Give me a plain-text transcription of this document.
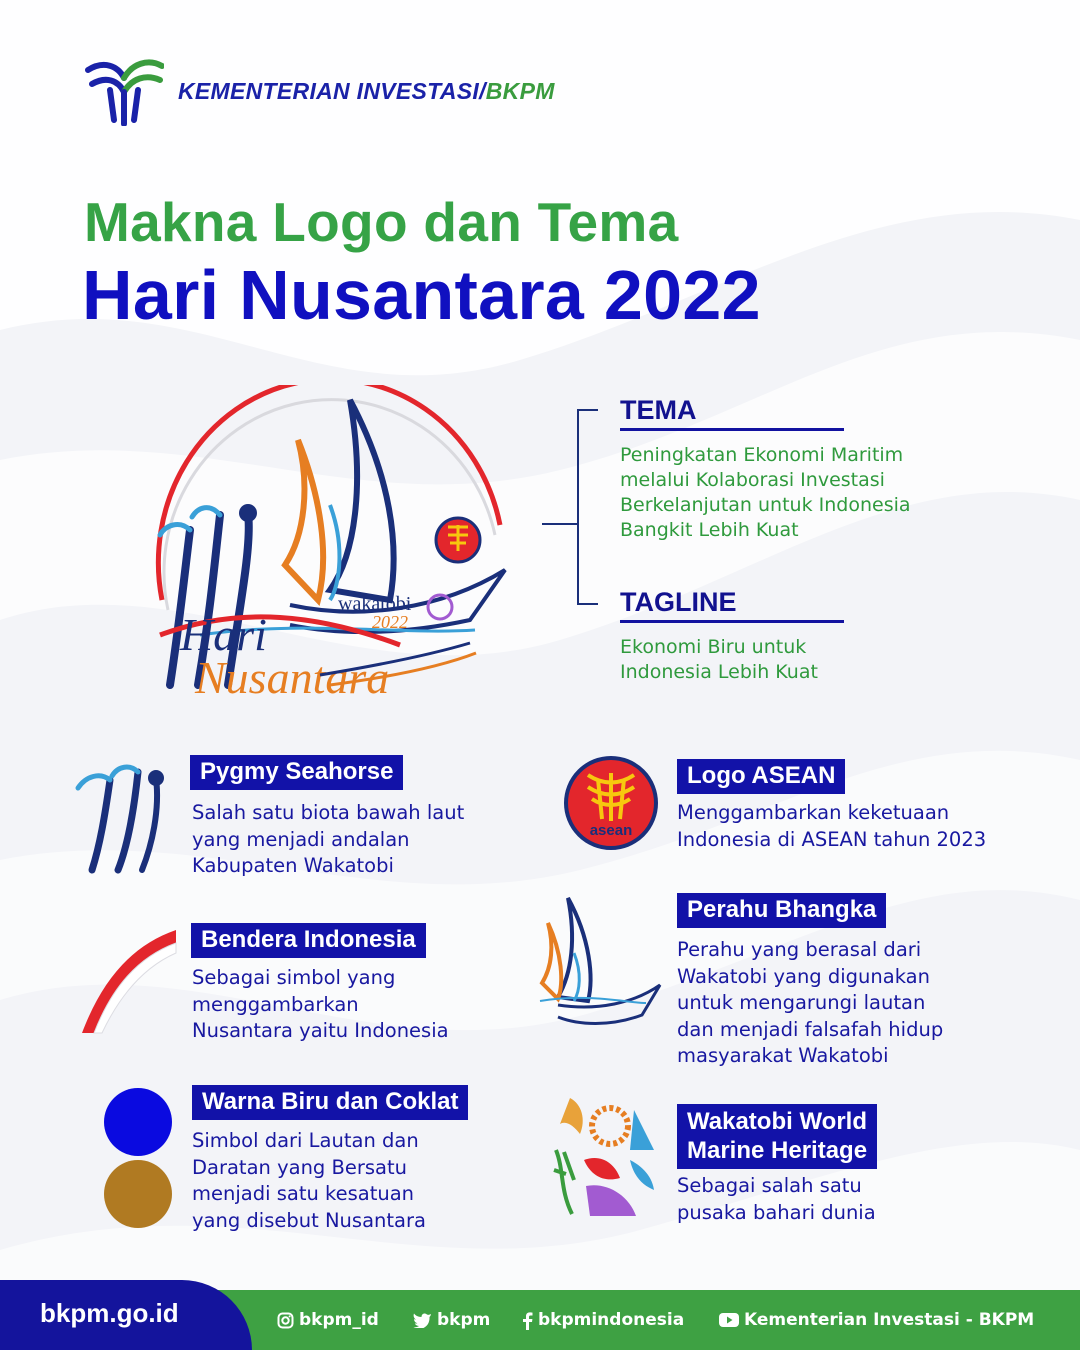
KEMENTERIAN INVESTASI/BKPM
Makna Logo dan Tema
Hari Nusantara 2022
Hari
Nusantara
wakatobi
2022
TEMA
Peningkatan Ekonomi Maritim
melalui Kolaborasi Investasi
Berkelanjutan untuk Indonesia
Bangkit Lebih Kuat
TAGLINE
Ekonomi Biru untuk
Indonesia Lebih Kuat
Pygmy Seahorse
Salah satu biota bawah laut
yang menjadi andalan
Kabupaten Wakatobi
asean
Logo ASEAN
Menggambarkan keketuaan
Indonesia di ASEAN tahun 2023
Bendera Indonesia
Sebagai simbol yang
menggambarkan
Nusantara yaitu Indonesia
Perahu Bhangka
Perahu yang berasal dari
Wakatobi yang digunakan
untuk mengarungi lautan
dan menjadi falsafah hidup
masyarakat Wakatobi
Warna Biru dan Coklat
Simbol dari Lautan dan
Daratan yang Bersatu
menjadi satu kesatuan
yang disebut Nusantara
Wakatobi World
Marine Heritage
Sebagai salah satu
pusaka bahari dunia
bkpm.go.id	bkpm_id	bkpm	bkpmindonesia	Kementerian Investasi - BKPM
